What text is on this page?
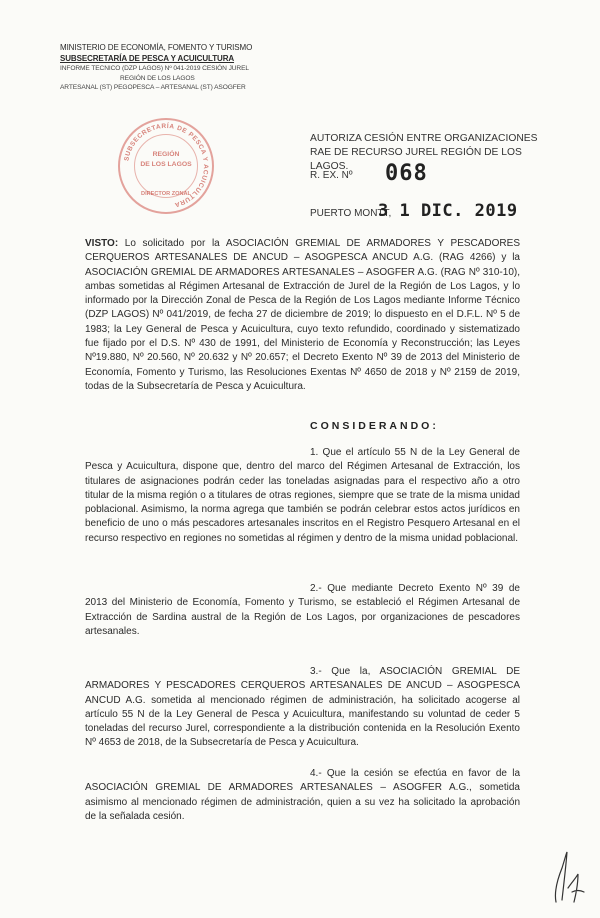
MINISTERIO DE ECONOMÍA, FOMENTO Y TURISMO
SUBSECRETARÍA DE PESCA Y ACUICULTURA
INFORME TECNICO (DZP LAGOS) Nº 041-2019 CESIÓN JUREL
REGIÓN DE LOS LAGOS
ARTESANAL (ST) PEGOPESCA – ARTESANAL (ST) ASOGFER
SUBSECRETARÍA DE PESCA Y ACUICULTURA
REGIÓN
DE LOS LAGOS
DIRECTOR ZONAL
AUTORIZA CESIÓN ENTRE ORGANIZACIONES RAE DE RECURSO JUREL REGIÓN DE LOS LAGOS.
R. EX. Nº 068
PUERTO MONTT,
3 1 DIC. 2019
VISTO: Lo solicitado por la ASOCIACIÓN GREMIAL DE ARMADORES Y PESCADORES CERQUEROS ARTESANALES DE ANCUD – ASOGPESCA ANCUD A.G. (RAG 4266) y la ASOCIACIÓN GREMIAL DE ARMADORES ARTESANALES – ASOGFER A.G. (RAG Nº 310-10), ambas sometidas al Régimen Artesanal de Extracción de Jurel de la Región de Los Lagos, y lo informado por la Dirección Zonal de Pesca de la Región de Los Lagos mediante Informe Técnico (DZP LAGOS) Nº 041/2019, de fecha 27 de diciembre de 2019; lo dispuesto en el D.F.L. Nº 5 de 1983; la Ley General de Pesca y Acuicultura, cuyo texto refundido, coordinado y sistematizado fue fijado por el D.S. Nº 430 de 1991, del Ministerio de Economía y Reconstrucción; las Leyes Nº19.880, Nº 20.560, Nº 20.632 y Nº 20.657; el Decreto Exento Nº 39 de 2013 del Ministerio de Economía, Fomento y Turismo, las Resoluciones Exentas Nº 4650 de 2018 y Nº 2159 de 2019, todas de la Subsecretaría de Pesca y Acuicultura.
CONSIDERANDO:
1. Que el artículo 55 N de la Ley General de Pesca y Acuicultura, dispone que, dentro del marco del Régimen Artesanal de Extracción, los titulares de asignaciones podrán ceder las toneladas asignadas para el respectivo año a otro titular de la misma región o a titulares de otras regiones, siempre que se trate de la misma unidad poblacional. Asimismo, la norma agrega que también se podrán celebrar estos actos jurídicos en beneficio de uno o más pescadores artesanales inscritos en el Registro Pesquero Artesanal en el recurso respectivo en regiones no sometidas al régimen y dentro de la misma unidad poblacional.
2.- Que mediante Decreto Exento Nº 39 de 2013 del Ministerio de Economía, Fomento y Turismo, se estableció el Régimen Artesanal de Extracción de Sardina austral de la Región de Los Lagos, por organizaciones de pescadores artesanales.
3.- Que la, ASOCIACIÓN GREMIAL DE ARMADORES Y PESCADORES CERQUEROS ARTESANALES DE ANCUD – ASOGPESCA ANCUD A.G. sometida al mencionado régimen de administración, ha solicitado acogerse al artículo 55 N de la Ley General de Pesca y Acuicultura, manifestando su voluntad de ceder 5 toneladas del recurso Jurel, correspondiente a la distribución contenida en la Resolución Exento Nº 4653 de 2018, de la Subsecretaría de Pesca y Acuicultura.
4.- Que la cesión se efectúa en favor de la ASOCIACIÓN GREMIAL DE ARMADORES ARTESANALES – ASOGFER A.G., sometida asimismo al mencionado régimen de administración, quien a su vez ha solicitado la aprobación de la señalada cesión.
